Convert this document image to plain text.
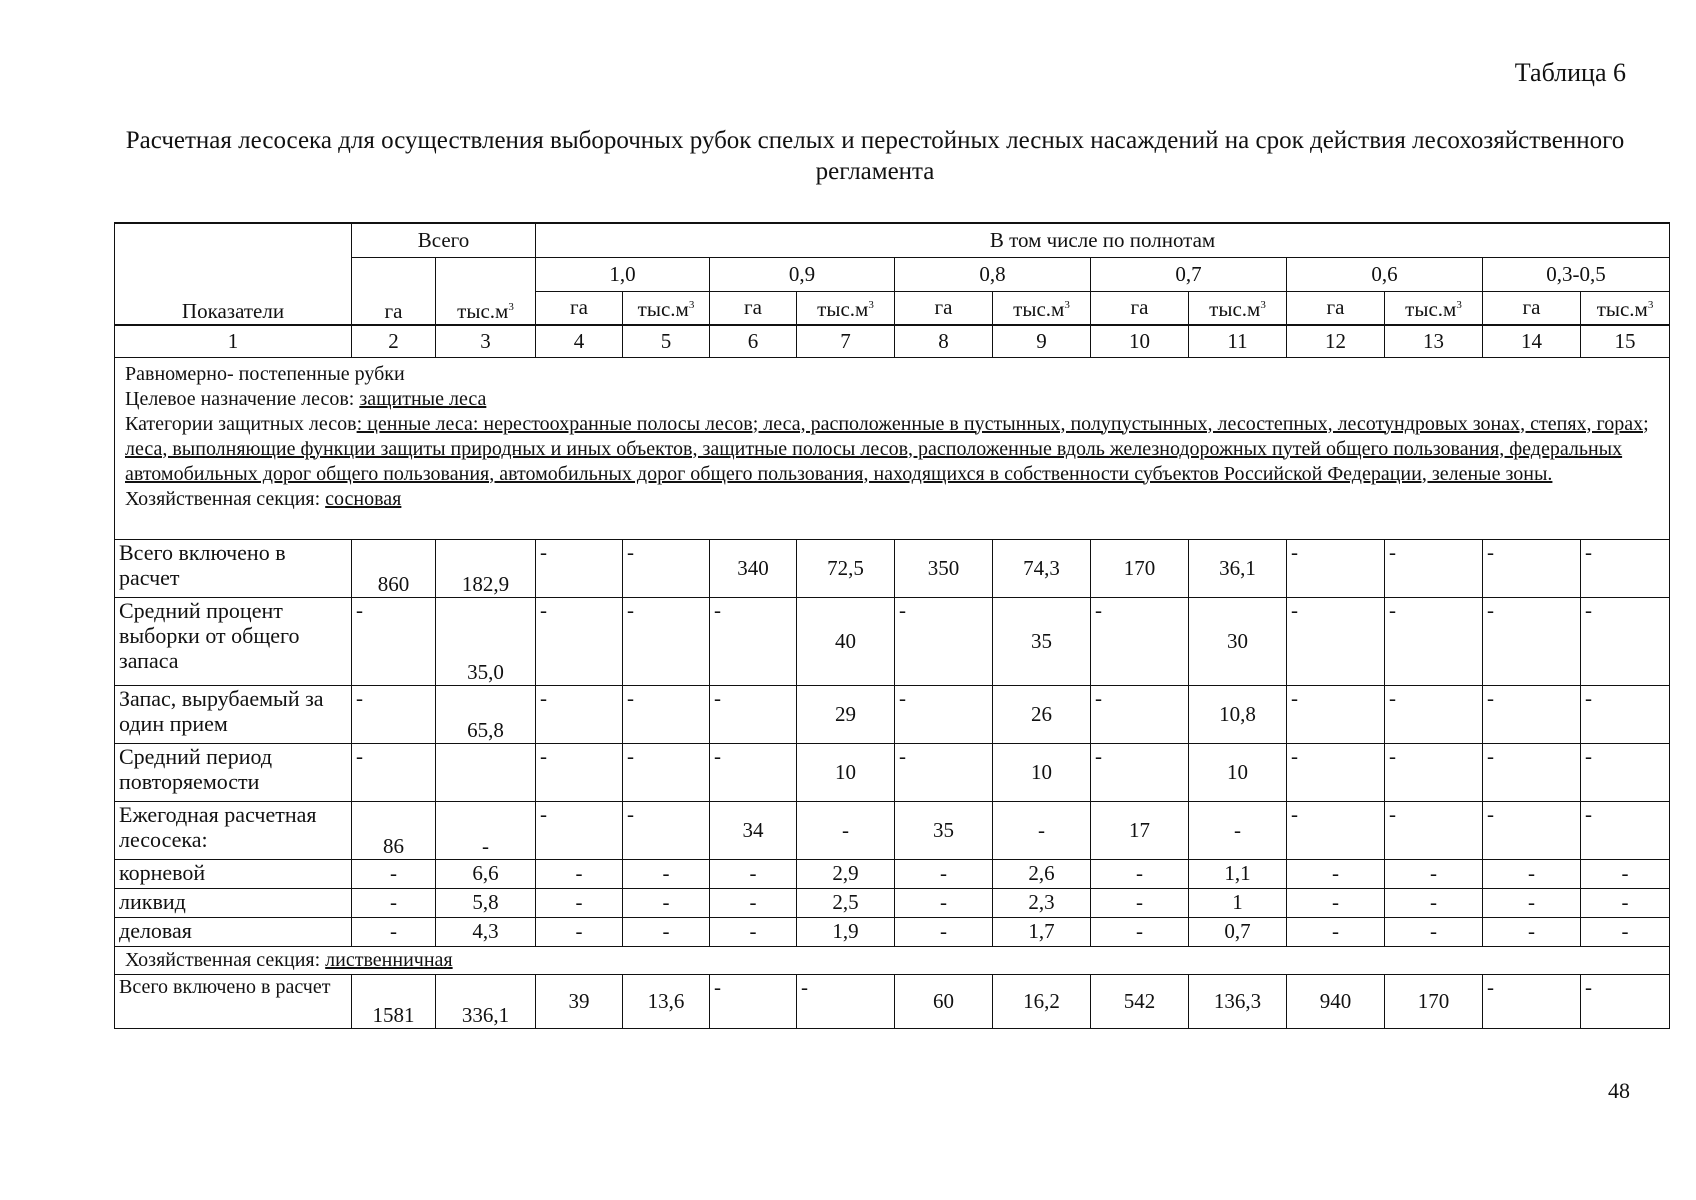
Таблица 6
Расчетная лесосека для осуществления выборочных рубок спелых и перестойных лесных насаждений на срок действия лесохозяйственного регламента
Показатели	Всего		В том числе по полнотам											
	га	$тыс.м^3$	1,0		0,9		0,8		0,7		0,6		0,3-0,5	
			га	$тыс.м^3$	га	$тыс.м^3$	га	$тыс.м^3$	га	$тыс.м^3$	га	$тыс.м^3$	га	$тыс.м^3$
1	2	3	4	5	6	7	8	9	10	11	12	13	14	15

Равномерно- постепенные рубки
Целевое назначение лесов: защитные леса
Категории защитных лесов: ценные леса: нерестоохранные полосы лесов; леса, расположенные в пустынных, полупустынных, лесостепных, лесотундровых зонах, степях, горах; леса, выполняющие функции защиты природных и иных объектов, защитные полосы лесов, расположенные вдоль железнодорожных путей общего пользования, федеральных автомобильных дорог общего пользования, автомобильных дорог общего пользования, находящихся в собственности субъектов Российской Федерации, зеленые зоны.
Хозяйственная секция: сосновая														

Всего включено в расчет	860	182,9	-	-	340	72,5	350	74,3	170	36,1	-	-	-	-
Средний процент выборки от общего запаса	-	35,0	-	-	-	40	-	35	-	30	-	-	-	-
Запас, вырубаемый за один прием	-	65,8	-	-	-	29	-	26	-	10,8	-	-	-	-
Средний период повторяемости	-		-	-	-	10	-	10	-	10	-	-	-	-
Ежегодная расчетная лесосека:	86	-	-	-	34	-	35	-	17	-	-	-	-	-
корневой	-	6,6	-	-	-	2,9	-	2,6	-	1,1	-	-	-	-
ликвид	-	5,8	-	-	-	2,5	-	2,3	-	1	-	-	-	-
деловая	-	4,3	-	-	-	1,9	-	1,7	-	0,7	-	-	-	-
Хозяйственная секция: лиственничная														
Всего включено в расчет	1581	336,1	39	13,6	-	-	60	16,2	542	136,3	940	170	-	-
48
